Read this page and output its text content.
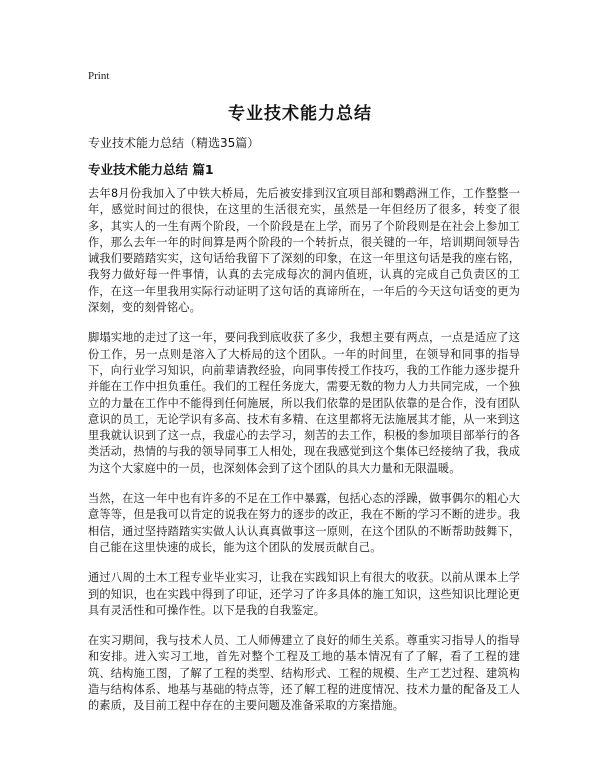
Print
专业技术能力总结
专业技术能力总结（精选35篇）
专业技术能力总结 篇1

去年8月份我加入了中铁大桥局，先后被安排到汉宜项目部和鹦鹉洲工作，工作整整一年，感觉时间过的很快，在这里的生活很充实，虽然是一年但经历了很多，转变了很多，其实人的一生有两个阶段，一个阶段是在上学，而另了个阶段则是在社会上参加工作，那么去年一年的时间算是两个阶段的一个转折点，很关键的一年，培训期间领导告诫我们要踏踏实实，这句话给我留下了深刻的印象，在这一年里这句话是我的座右铭，我努力做好每一件事情，认真的去完成每次的洞内值班，认真的完成自己负责区的工作，在这一年里我用实际行动证明了这句话的真谛所在，一年后的今天这句话变的更为深刻，变的刻骨铭心。

脚塌实地的走过了这一年，要问我到底收获了多少，我想主要有两点，一点是适应了这份工作，另一点则是溶入了大桥局的这个团队。一年的时间里，在领导和同事的指导下，向行业学习知识，向前辈请教经验，向同事传授工作技巧，我的工作能力逐步提升并能在工作中担负重任。我们的工程任务庞大，需要无数的物力人力共同完成，一个独立的力量在工作中不能得到任何施展，所以我们依靠的是团队依靠的是合作，没有团队意识的员工，无论学识有多高、技术有多精、在这里都将无法施展其才能，从一来到这里我就认识到了这一点，我虚心的去学习，刻苦的去工作，积极的参加项目部举行的各类活动，热情的与我的领导同事工人相处，现在我感觉到这个集体已经接纳了我，我成为这个大家庭中的一员，也深刻体会到了这个团队的具大力量和无限温暖。

当然，在这一年中也有许多的不足在工作中暴露，包括心态的浮躁，做事偶尔的粗心大意等等，但是我可以肯定的说我在努力的逐步的改正，我在不断的学习不断的进步。我相信，通过坚持踏踏实实做人认认真真做事这一原则，在这个团队的不断帮助鼓舞下，自己能在这里快速的成长，能为这个团队的发展贡献自己。

通过八周的土木工程专业毕业实习，让我在实践知识上有很大的收获。以前从课本上学到的知识，也在实践中得到了印证，还学习了许多具体的施工知识，这些知识比理论更具有灵活性和可操作性。以下是我的自我鉴定。

在实习期间，我与技术人员、工人师傅建立了良好的师生关系。尊重实习指导人的指导和安排。进入实习工地，首先对整个工程及工地的基本情况有了了解，看了工程的建筑、结构施工图，了解了工程的类型、结构形式、工程的规模、生产工艺过程、建筑构造与结构体系、地基与基础的特点等，还了解工程的进度情况、技术力量的配备及工人的素质，及目前工程中存在的主要问题及准备采取的方案措施。
